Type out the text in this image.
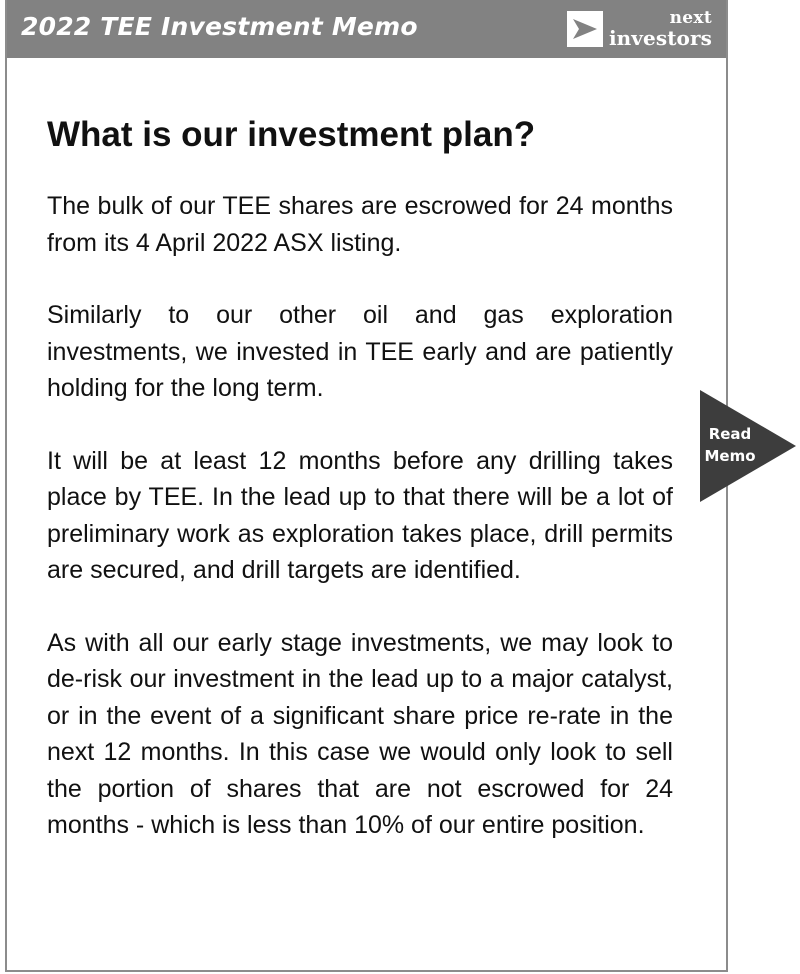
2022 TEE Investment Memo	next
investors
What is our investment plan?

The bulk of our TEE shares are escrowed for 24 months from its 4 April 2022 ASX listing.

Similarly to our other oil and gas exploration investments, we invested in TEE early and are patiently holding for the long term.

It will be at least 12 months before any drilling takes place by TEE. In the lead up to that there will be a lot of preliminary work as exploration takes place, drill permits are secured, and drill targets are identified.

As with all our early stage investments, we may look to de-risk our investment in the lead up to a major catalyst, or in the event of a significant share price re-rate in the next 12 months. In this case we would only look to sell the portion of shares that are not escrowed for 24 months - which is less than 10% of our entire position.

Read
Memo
